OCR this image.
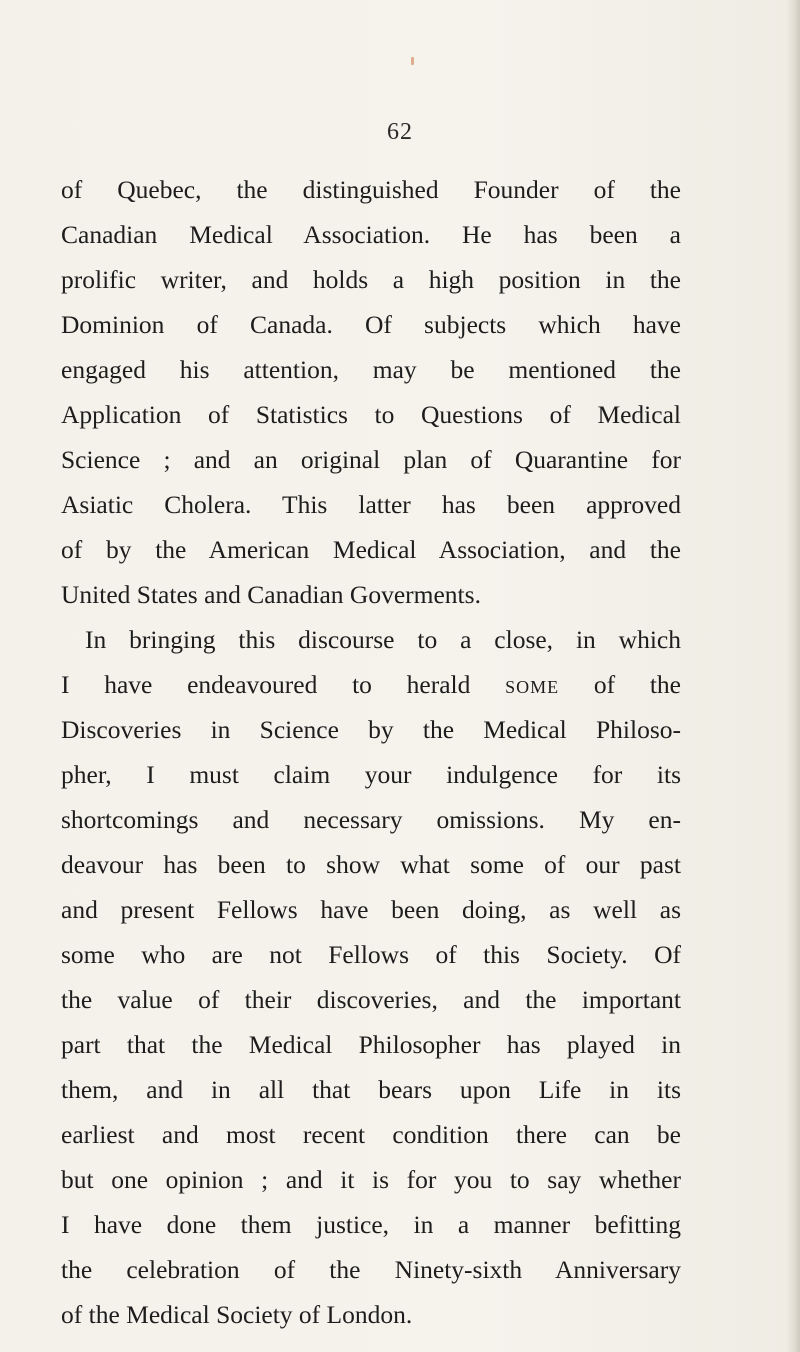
62
of Quebec, the distinguished Founder of the
Canadian Medical Association. He has been a
prolific writer, and holds a high position in the
Dominion of Canada. Of subjects which have
engaged his attention, may be mentioned the
Application of Statistics to Questions of Medical
Science ; and an original plan of Quarantine for
Asiatic Cholera. This latter has been approved
of by the American Medical Association, and the
United States and Canadian Goverments.
In bringing this discourse to a close, in which
I have endeavoured to herald some of the
Discoveries in Science by the Medical Philoso-
pher, I must claim your indulgence for its
shortcomings and necessary omissions. My en-
deavour has been to show what some of our past
and present Fellows have been doing, as well as
some who are not Fellows of this Society. Of
the value of their discoveries, and the important
part that the Medical Philosopher has played in
them, and in all that bears upon Life in its
earliest and most recent condition there can be
but one opinion ; and it is for you to say whether
I have done them justice, in a manner befitting
the celebration of the Ninety-sixth Anniversary
of the Medical Society of London.
